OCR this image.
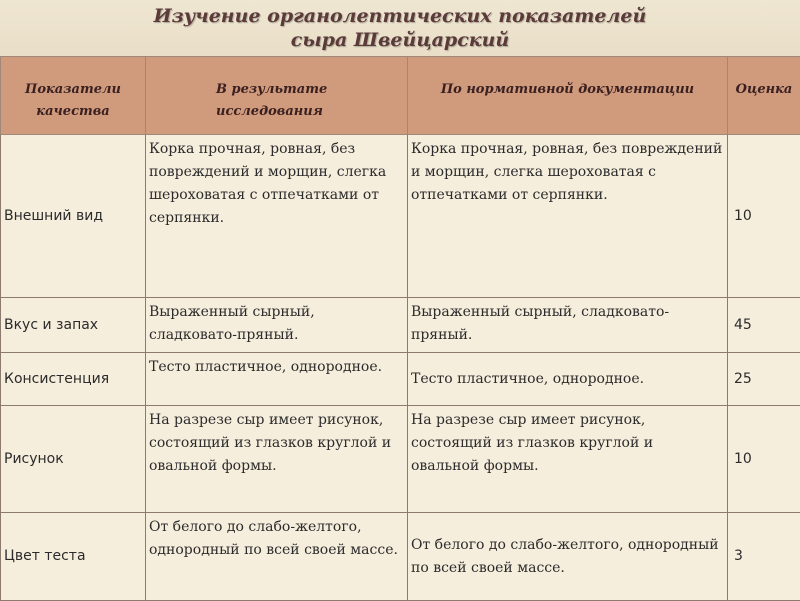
Изучение органолептических показателей
сыра Швейцарский
Показатели качества	В результате исследования	По нормативной документации	Оценка
Внешний вид	Корка прочная, ровная, без повреждений и морщин, слегка шероховатая с отпечатками от серпянки.	Корка прочная, ровная, без повреждений и морщин, слегка шероховатая с отпечатками от серпянки.	10
Вкус и запах	Выраженный сырный, сладковато-пряный.	Выраженный сырный, сладковато-пряный.	45
Консистенция	Тесто пластичное, однородное.	Тесто пластичное, однородное.	25
Рисунок	На разрезе сыр имеет рисунок, состоящий из глазков круглой и овальной формы.	На разрезе сыр имеет рисунок, состоящий из глазков круглой и овальной формы.	10
Цвет теста	От белого до слабо-желтого, однородный по всей своей массе.	От белого до слабо-желтого, однородный по всей своей массе.	3
